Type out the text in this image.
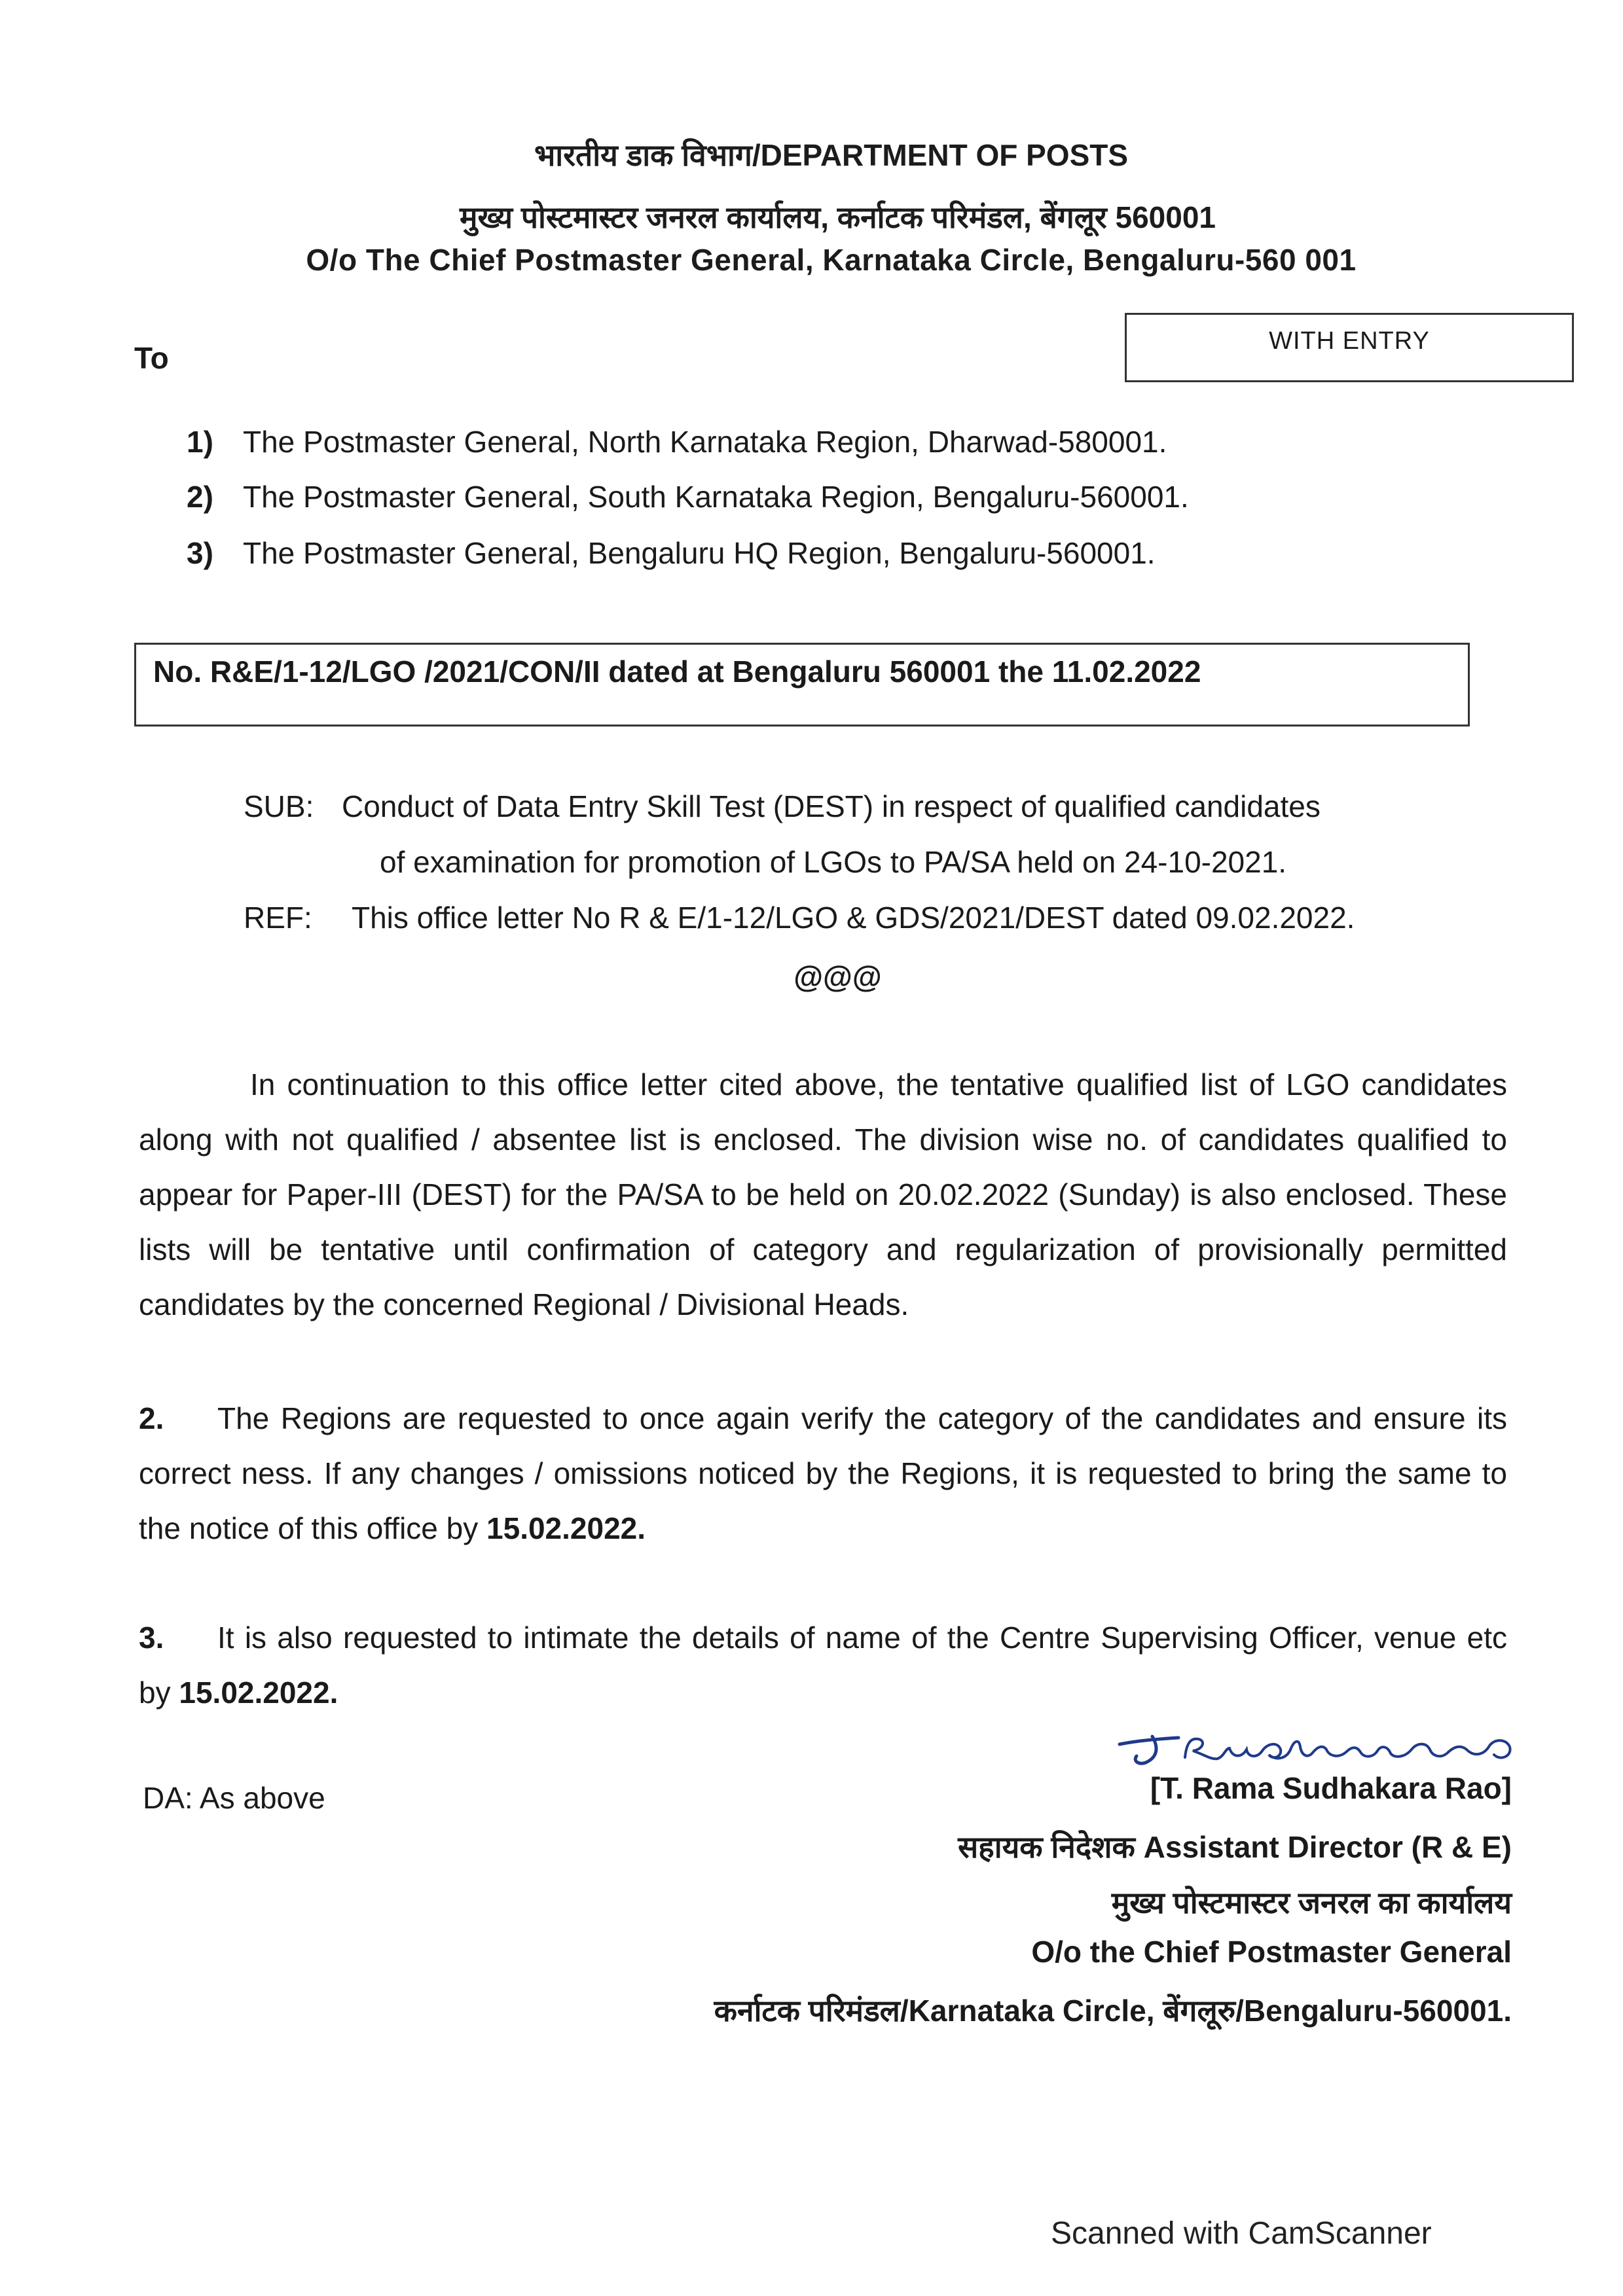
भारतीय डाक विभाग/DEPARTMENT OF POSTS
मुख्य पोस्टमास्टर जनरल कार्यालय, कर्नाटक परिमंडल, बेंगलूर 560001
O/o The Chief Postmaster General, Karnataka Circle, Bengaluru-560 001
To
WITH ENTRY
1) The Postmaster General, North Karnataka Region, Dharwad-580001.
2) The Postmaster General, South Karnataka Region, Bengaluru-560001.
3) The Postmaster General, Bengaluru HQ Region, Bengaluru-560001.
No. R&E/1-12/LGO /2021/CON/II dated at Bengaluru 560001 the 11.02.2022
SUB: Conduct of Data Entry Skill Test (DEST) in respect of qualified candidates
of examination for promotion of LGOs to PA/SA held on 24-10-2021.
REF:	This office letter No R & E/1-12/LGO & GDS/2021/DEST dated 09.02.2022.
@@@
In continuation to this office letter cited above, the tentative qualified list of LGO candidates along with not qualified / absentee list is enclosed. The division wise no. of candidates qualified to appear for Paper-III (DEST) for the PA/SA to be held on 20.02.2022 (Sunday) is also enclosed. These lists will be tentative until confirmation of category and regularization of provisionally permitted candidates by the concerned Regional / Divisional Heads.
2. The Regions are requested to once again verify the category of the candidates and ensure its correct ness. If any changes / omissions noticed by the Regions, it is requested to bring the same to the notice of this office by 15.02.2022.
3. It is also requested to intimate the details of name of the Centre Supervising Officer, venue etc by 15.02.2022.
DA: As above	[T. Rama Sudhakara Rao]
सहायक निदेशक Assistant Director (R & E)
मुख्य पोस्टमास्टर जनरल का कार्यालय
O/o the Chief Postmaster General
कर्नाटक परिमंडल/Karnataka Circle, बेंगलूरु/Bengaluru-560001.
Scanned with CamScanner
